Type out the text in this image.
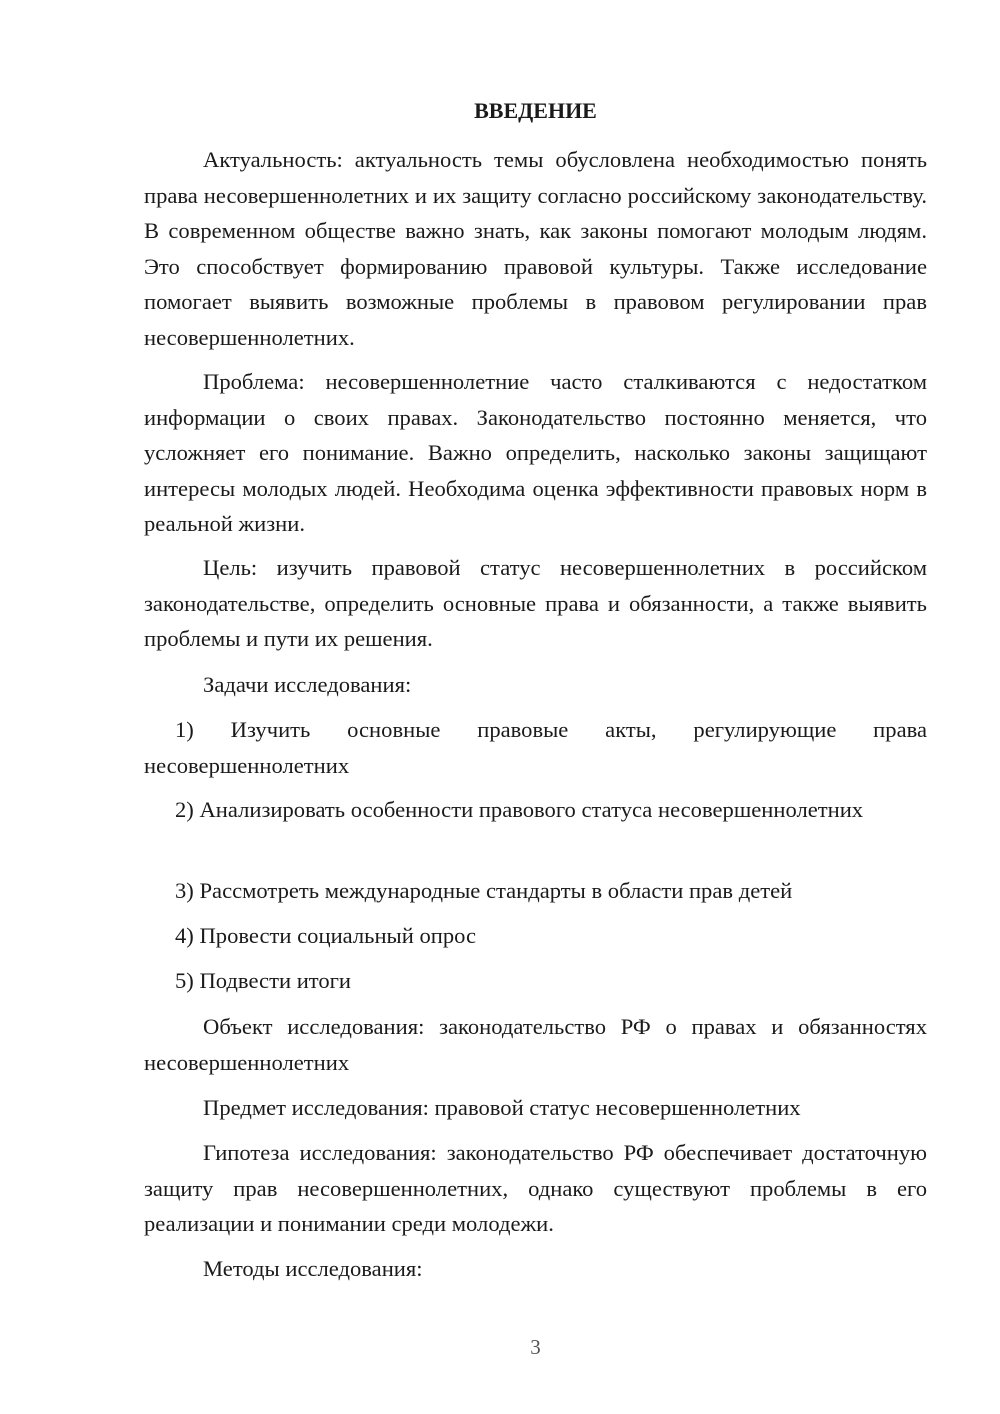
ВВЕДЕНИЕ

Актуальность: актуальность темы обусловлена необходимостью понять права несовершеннолетних и их защиту согласно российскому законодательству. В современном обществе важно знать, как законы помогают молодым людям. Это способствует формированию правовой культуры. Также исследование помогает выявить возможные проблемы в правовом регулировании прав несовершеннолетних.

Проблема: несовершеннолетние часто сталкиваются с недостатком информации о своих правах. Законодательство постоянно меняется, что усложняет его понимание. Важно определить, насколько законы защищают интересы молодых людей. Необходима оценка эффективности правовых норм в реальной жизни.

Цель: изучить правовой статус несовершеннолетних в российском законодательстве, определить основные права и обязанности, а также выявить проблемы и пути их решения.

Задачи исследования:

1) Изучить основные правовые акты, регулирующие права несовершеннолетних

2) Анализировать особенности правового статуса несовершеннолетних

3) Рассмотреть международные стандарты в области прав детей

4) Провести социальный опрос

5) Подвести итоги

Объект исследования: законодательство РФ о правах и обязанностях несовершеннолетних

Предмет исследования: правовой статус несовершеннолетних

Гипотеза исследования: законодательство РФ обеспечивает достаточную защиту прав несовершеннолетних, однако существуют проблемы в его реализации и понимании среди молодежи.

Методы исследования:

3
